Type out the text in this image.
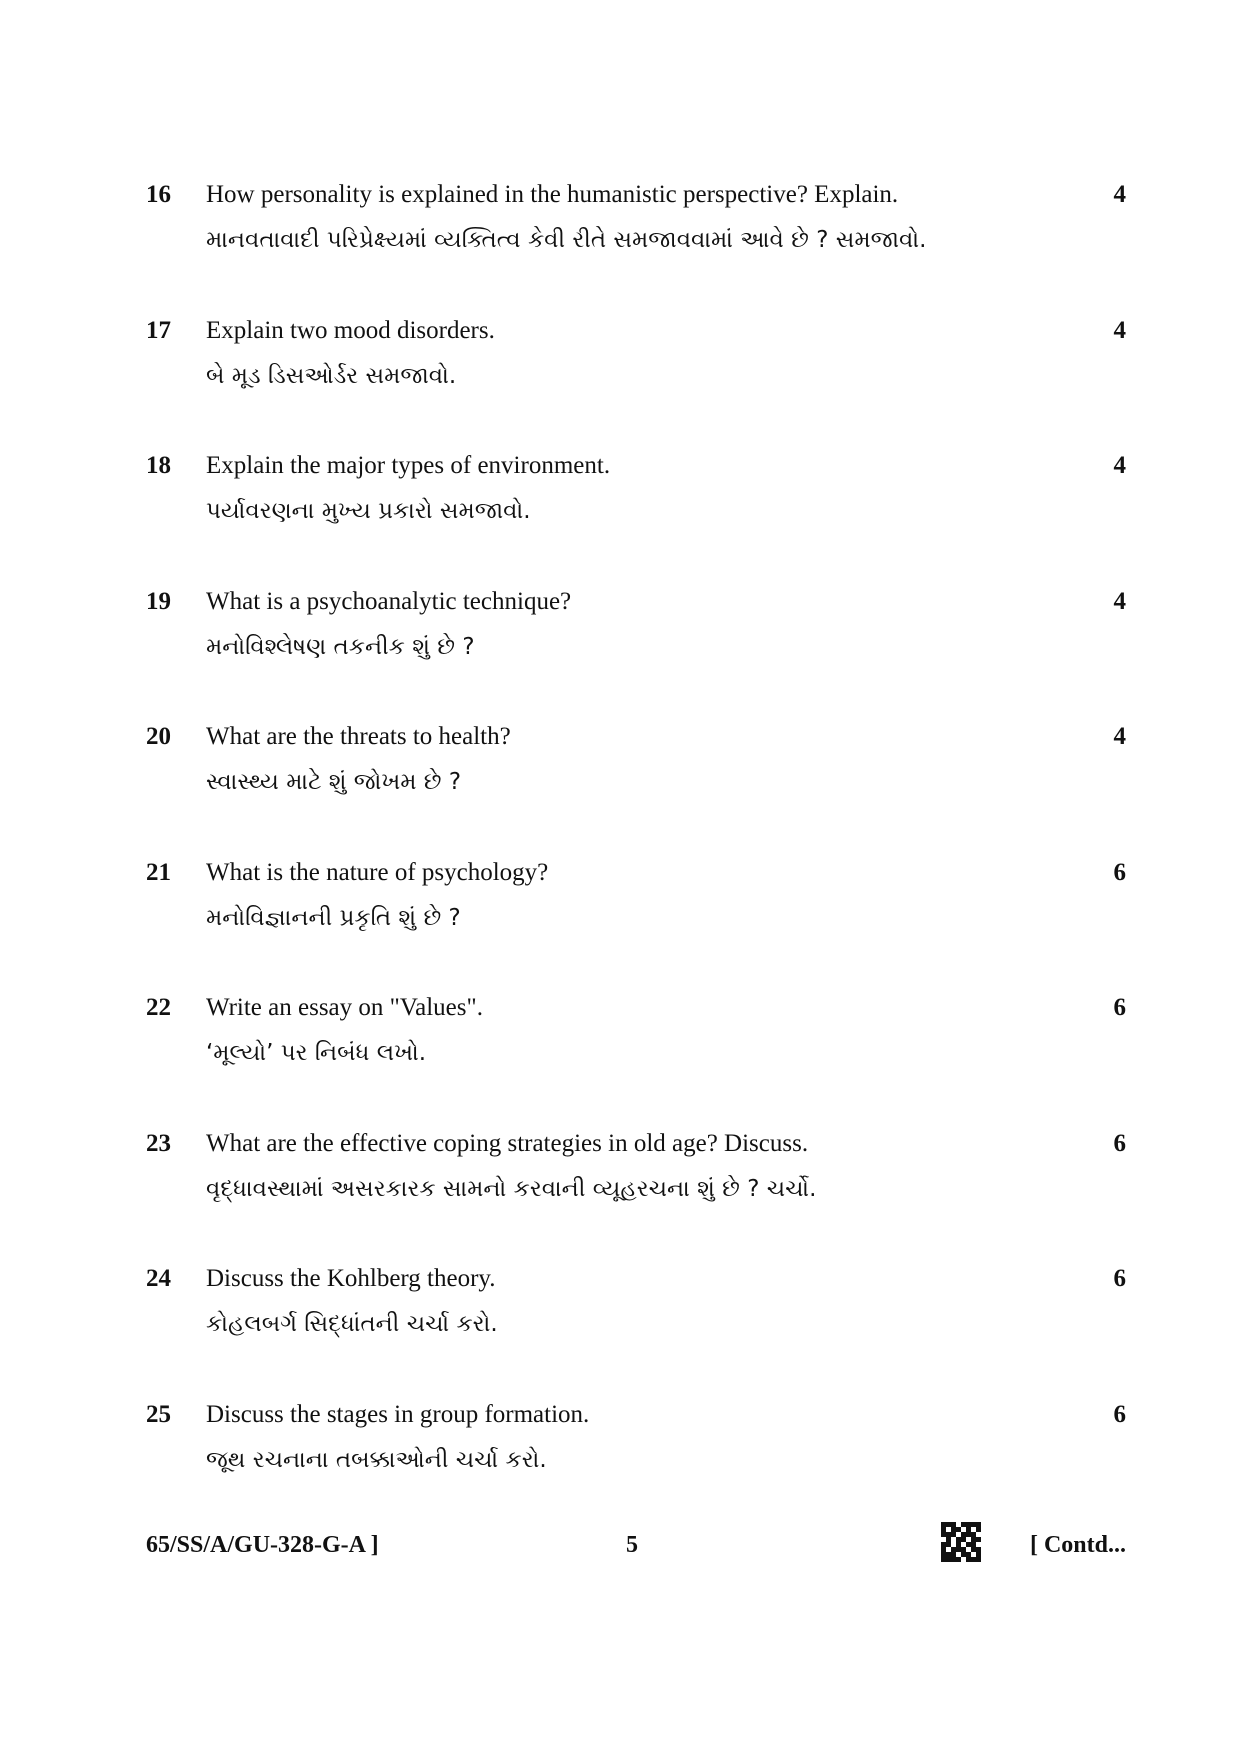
16 How personality is explained in the humanistic perspective? Explain.
માનવતાવાદી પરિપ્રેક્ષ્યમાં વ્યક્તિત્વ કેવી રીતે સમજાવવામાં આવે છે ? સમજાવો.
4
17 Explain two mood disorders.
બે મૂડ ડિસઓર્ડર સમજાવો.
4
18 Explain the major types of environment.
પર્યાવરણના મુખ્ય પ્રકારો સમજાવો.
4
19 What is a psychoanalytic technique?
મનોવિશ્લેષણ તકનીક શું છે ?
4
20 What are the threats to health?
સ્વાસ્થ્ય માટે શું જોખમ છે ?
4
21 What is the nature of psychology?
મનોવિજ્ઞાનની પ્રકૃતિ શું છે ?
6
22 Write an essay on "Values".
‘મૂલ્યો’ પર નિબંધ લખો.
6
23 What are the effective coping strategies in old age? Discuss.
વૃદ્ધાવસ્થામાં અસરકારક સામનો કરવાની વ્યૂહરચના શું છે ? ચર્ચો.
6
24 Discuss the Kohlberg theory.
કોહલબર્ગ સિદ્ધાંતની ચર્ચા કરો.
6
25 Discuss the stages in group formation.
જૂથ રચનાના તબક્કાઓની ચર્ચા કરો.
6
65/SS/A/GU-328-G-A ]	5	[ Contd...
